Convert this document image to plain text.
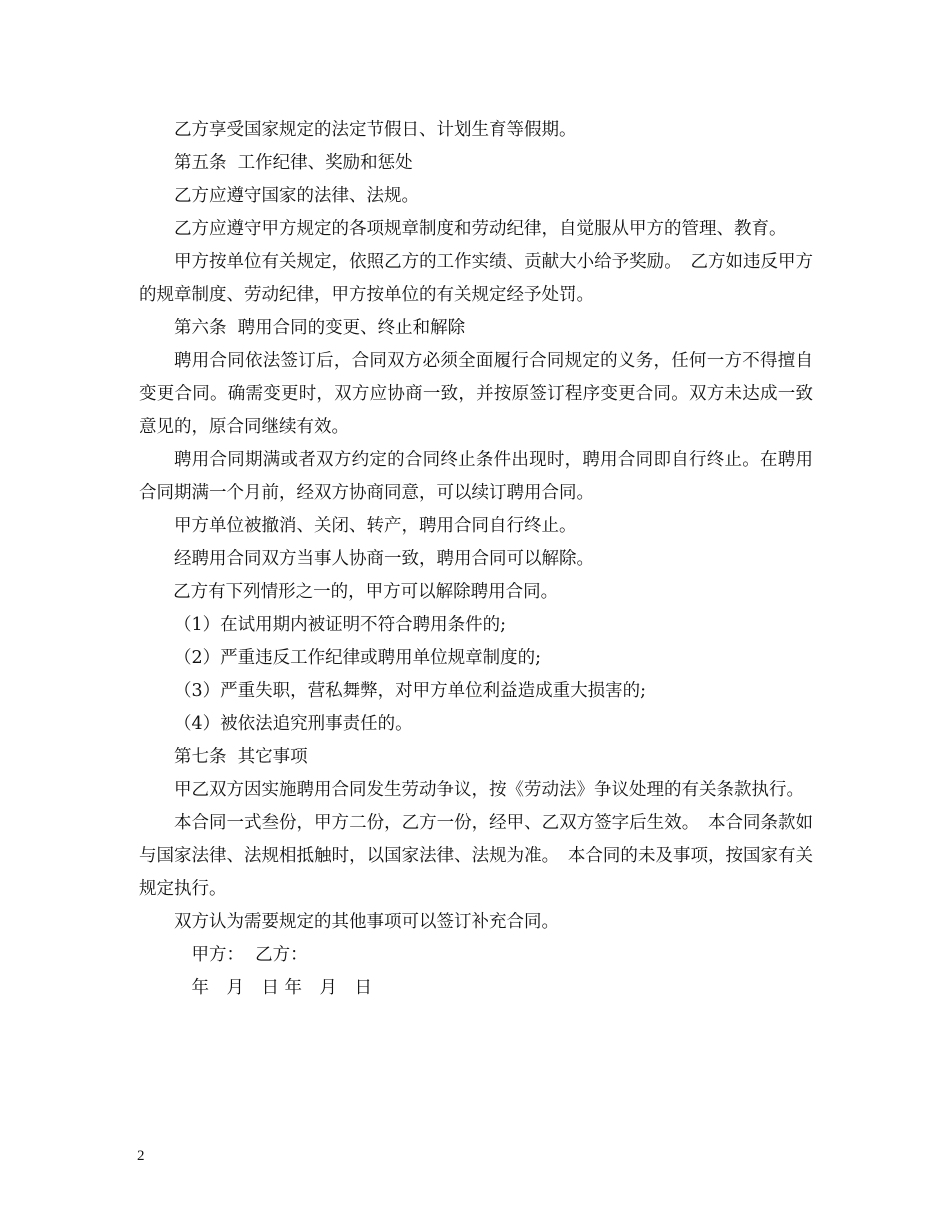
乙方享受国家规定的法定节假日、计划生育等假期。

第五条  工作纪律、奖励和惩处

乙方应遵守国家的法律、法规。

乙方应遵守甲方规定的各项规章制度和劳动纪律，自觉服从甲方的管理、教育。

甲方按单位有关规定，依照乙方的工作实绩、贡献大小给予奖励。　乙方如违反甲方的规章制度、劳动纪律，甲方按单位的有关规定经予处罚。

第六条  聘用合同的变更、终止和解除

聘用合同依法签订后，合同双方必须全面履行合同规定的义务，任何一方不得擅自变更合同。确需变更时，双方应协商一致，并按原签订程序变更合同。双方未达成一致意见的，原合同继续有效。

聘用合同期满或者双方约定的合同终止条件出现时，聘用合同即自行终止。在聘用合同期满一个月前，经双方协商同意，可以续订聘用合同。

甲方单位被撤消、关闭、转产，聘用合同自行终止。

经聘用合同双方当事人协商一致，聘用合同可以解除。

乙方有下列情形之一的，甲方可以解除聘用合同。

（1）在试用期内被证明不符合聘用条件的;

（2）严重违反工作纪律或聘用单位规章制度的;

（3）严重失职，营私舞弊，对甲方单位利益造成重大损害的;

（4）被依法追究刑事责任的。

第七条  其它事项

甲乙双方因实施聘用合同发生劳动争议，按《劳动法》争议处理的有关条款执行。

本合同一式叁份，甲方二份，乙方一份，经甲、乙双方签字后生效。　本合同条款如与国家法律、法规相抵触时，以国家法律、法规为准。　本合同的未及事项，按国家有关规定执行。

双方认为需要规定的其他事项可以签订补充合同。

甲方：  乙方：

年　月　日 年　月　日

2
